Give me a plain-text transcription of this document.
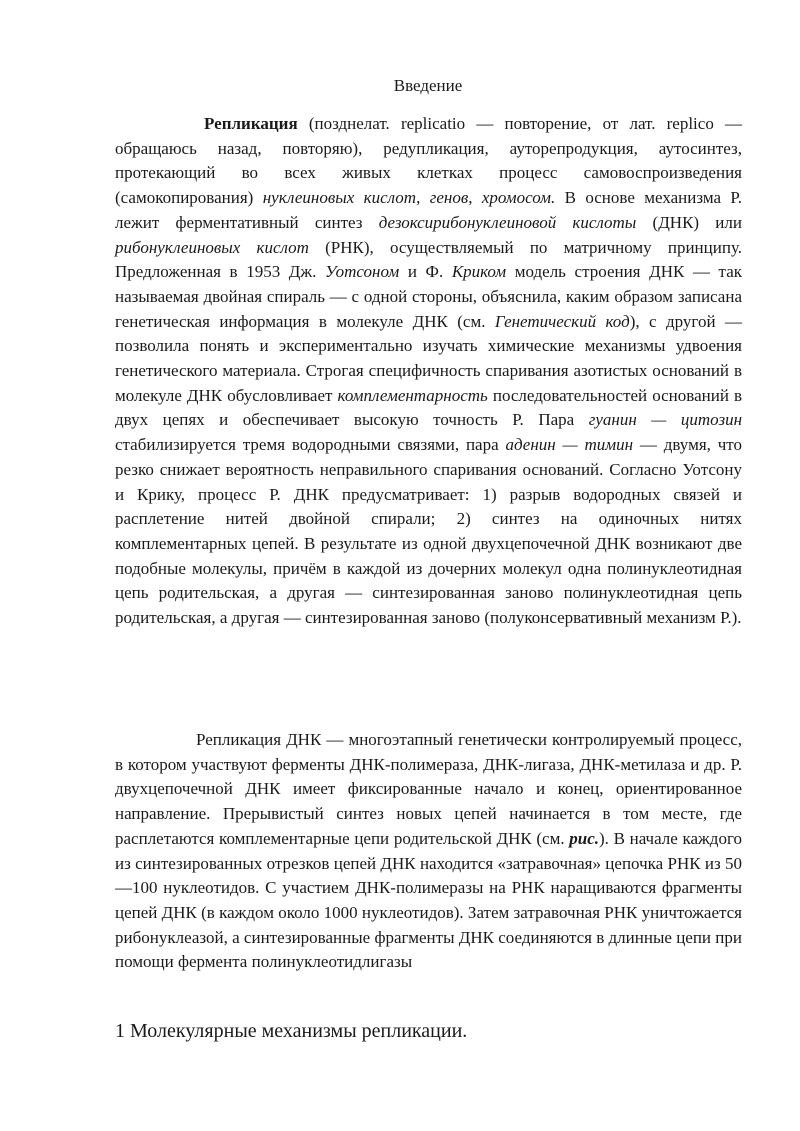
Введение

Репликация (позднелат. replicatio — повторение, от лат. replico — обращаюсь назад, повторяю), редупликация, ауторепродукция, аутосинтез, протекающий во всех живых клетках процесс самовоспроизведения (самокопирования) нуклеиновых кислот, генов, хромосом. В основе механизма Р. лежит ферментативный синтез дезоксирибонуклеиновой кислоты (ДНК) или рибонуклеиновых кислот (РНК), осуществляемый по матричному принципу. Предложенная в 1953 Дж. Уотсоном и Ф. Криком модель строения ДНК — так называемая двойная спираль — с одной стороны, объяснила, каким образом записана генетическая информация в молекуле ДНК (см. Генетический код), с другой — позволила понять и экспериментально изучать химические механизмы удвоения генетического материала. Строгая специфичность спаривания азотистых оснований в молекуле ДНК обусловливает комплементарность последовательностей оснований в двух цепях и обеспечивает высокую точность Р. Пара гуанин — цитозин стабилизируется тремя водородными связями, пара аденин — тимин — двумя, что резко снижает вероятность неправильного спаривания оснований. Согласно Уотсону и Крику, процесс Р. ДНК предусматривает: 1) разрыв водородных связей и расплетение нитей двойной спирали; 2) синтез на одиночных нитях комплементарных цепей. В результате из одной двухцепочечной ДНК возникают две подобные молекулы, причём в каждой из дочерних молекул одна полинуклеотидная цепь родительская, а другая — синтезированная заново полинуклеотидная цепь родительская, а другая — синтезированная заново (полуконсервативный механизм Р.).

Репликация ДНК — многоэтапный генетически контролируемый процесс, в котором участвуют ферменты ДНК-полимераза, ДНК-лигаза, ДНК-метилаза и др. Р. двухцепочечной ДНК имеет фиксированные начало и конец, ориентированное направление. Прерывистый синтез новых цепей начинается в том месте, где расплетаются комплементарные цепи родительской ДНК (см. рис.). В начале каждого из синтезированных отрезков цепей ДНК находится «затравочная» цепочка РНК из 50—100 нуклеотидов. С участием ДНК-полимеразы на РНК наращиваются фрагменты цепей ДНК (в каждом около 1000 нуклеотидов). Затем затравочная РНК уничтожается рибонуклеазой, а синтезированные фрагменты ДНК соединяются в длинные цепи при помощи фермента полинуклеотидлигазы

1 Молекулярные механизмы репликации.
